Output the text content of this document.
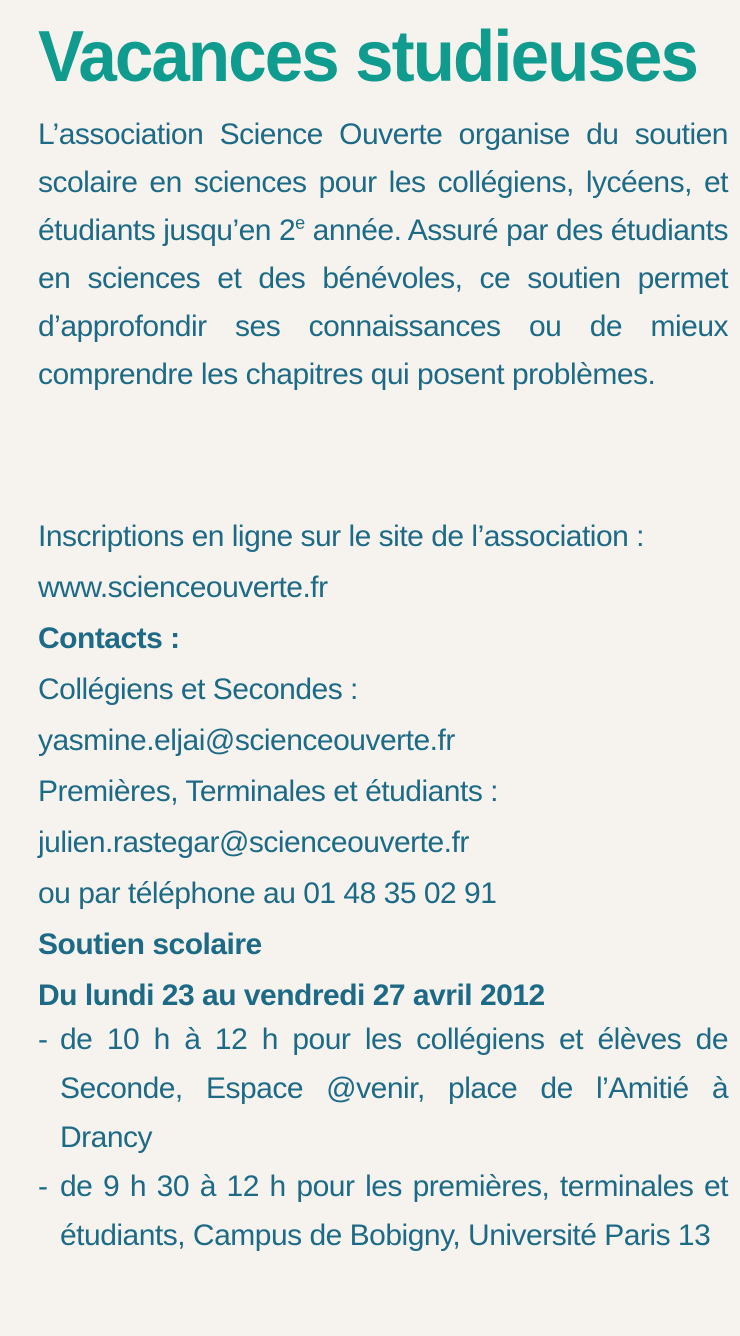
Vacances studieuses

L’association Science Ouverte organise du soutien scolaire en sciences pour les collégiens, lycéens, et étudiants jusqu’en 2e année. Assuré par des étudiants en sciences et des bénévoles, ce soutien permet d’approfondir ses connaissances ou de mieux comprendre les chapitres qui posent problèmes.

Inscriptions en ligne sur le site de l’association :
www.scienceouverte.fr
Contacts :
Collégiens et Secondes :
yasmine.eljai@scienceouverte.fr
Premières, Terminales et étudiants :
julien.rastegar@scienceouverte.fr
ou par téléphone au 01 48 35 02 91
Soutien scolaire
Du lundi 23 au vendredi 27 avril 2012
- de 10 h à 12 h pour les collégiens et élèves de Seconde, Espace @venir, place de l’Amitié à Drancy
- de 9 h 30 à 12 h pour les premières, terminales et étudiants, Campus de Bobigny, Université Paris 13
